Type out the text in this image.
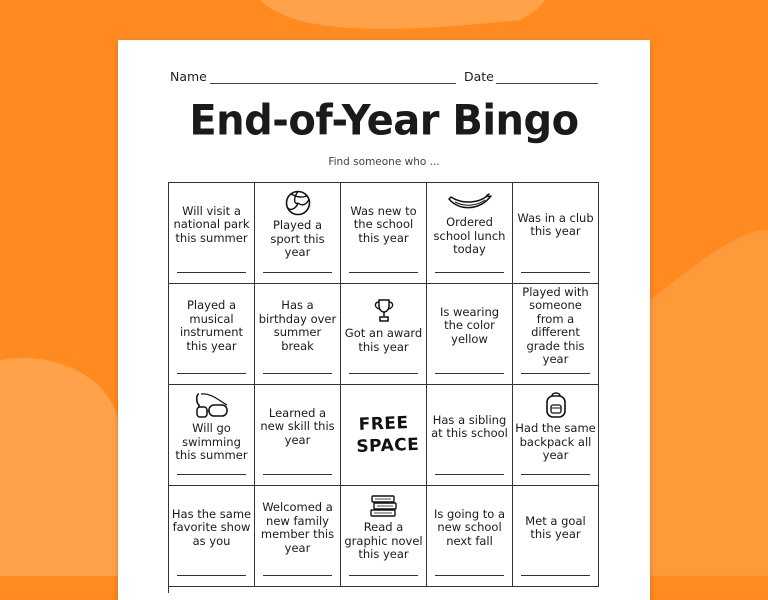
Name	Date
End-of-Year Bingo
Find someone who ...
Will visit a national park this summer
Played a sport this year
Was new to the school this year
Ordered school lunch today
Was in a club this year
Played a musical instrument this year
Has a birthday over summer break
Got an award this year
Is wearing the color yellow
Played with someone from a different grade this year
Will go swimming this summer
Learned a new skill this year
FREE SPACE
Has a sibling at this school Had the same backpack all year
Has the same favorite show as you
Welcomed a new family member this year
Read a graphic novel this year
Is going to a new school next fall
Met a goal this year
